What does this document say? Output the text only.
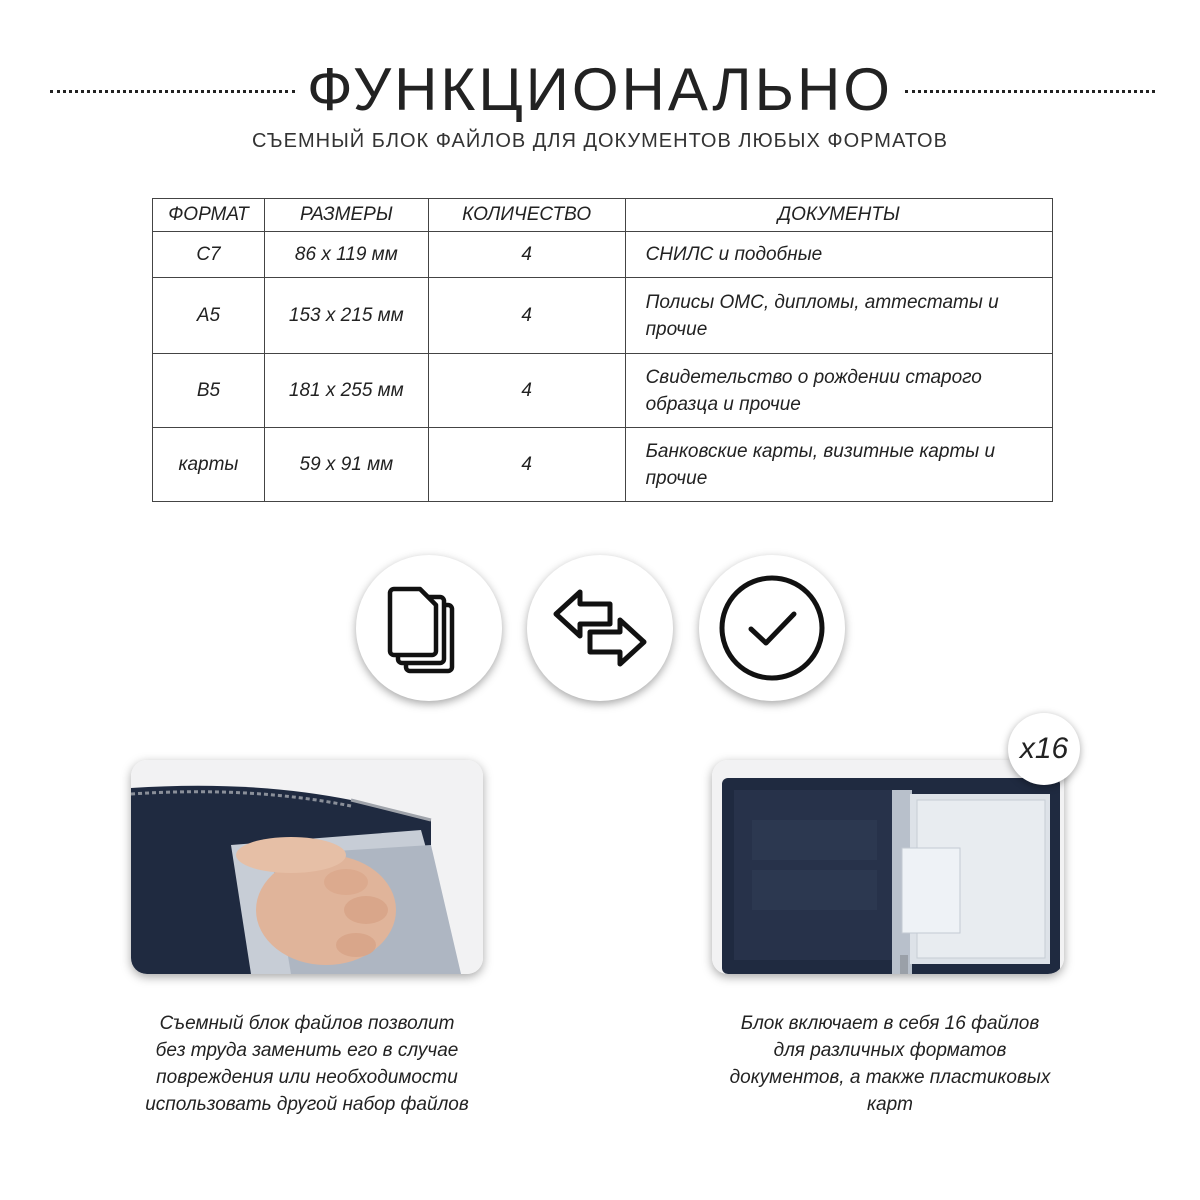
ФУНКЦИОНАЛЬНО
СЪЕМНЫЙ БЛОК ФАЙЛОВ ДЛЯ ДОКУМЕНТОВ ЛЮБЫХ ФОРМАТОВ
ФОРМАТ	РАЗМЕРЫ	КОЛИЧЕСТВО	ДОКУМЕНТЫ
С7	86 x 119 мм	4	СНИЛС и подобные
А5	153 x 215 мм	4	Полисы ОМС, дипломы, аттестаты и прочие
В5	181 x 255 мм	4	Свидетельство о рождении старого образца и прочие
карты	59 x 91 мм	4	Банковские карты, визитные карты и прочие
x16
Съемный блок файлов позволит
без труда заменить его в случае
повреждения или необходимости
использовать другой набор файлов
Блок включает в себя 16 файлов
для различных форматов
документов, а также пластиковых
карт
